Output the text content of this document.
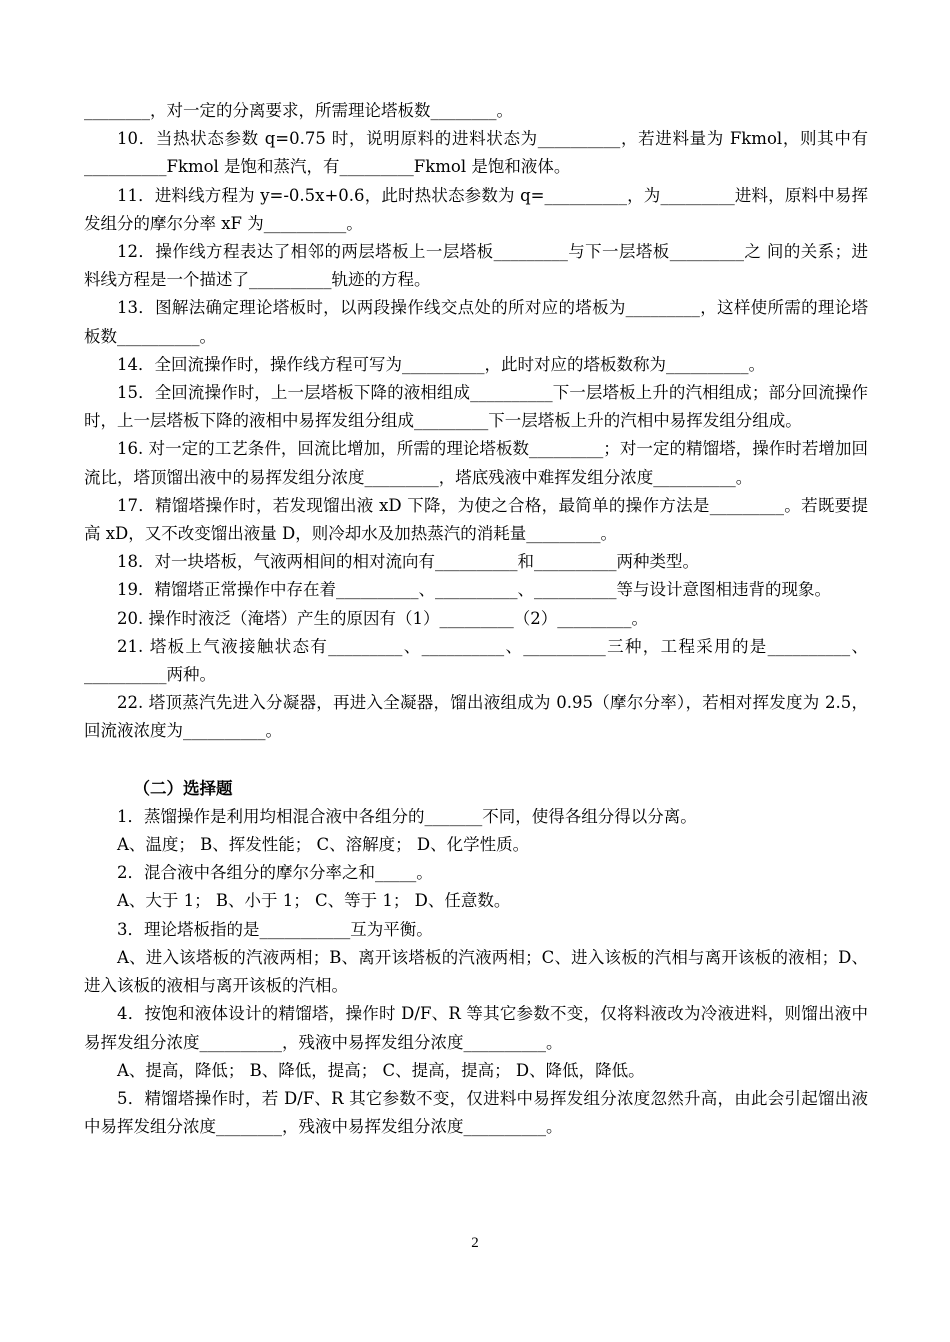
________，对一定的分离要求，所需理论塔板数________。

10．当热状态参数 q=0.75 时，说明原料的进料状态为__________，若进料量为 Fkmol，则其中有__________Fkmol 是饱和蒸汽，有_________Fkmol 是饱和液体。

11．进料线方程为 y=-0.5x+0.6，此时热状态参数为 q=__________，为_________进料，原料中易挥发组分的摩尔分率 xF 为__________。

12．操作线方程表达了相邻的两层塔板上一层塔板_________与下一层塔板_________之 间的关系；进料线方程是一个描述了__________轨迹的方程。

13．图解法确定理论塔板时，以两段操作线交点处的所对应的塔板为_________，这样使所需的理论塔板数__________。

14．全回流操作时，操作线方程可写为__________，此时对应的塔板数称为__________。

15．全回流操作时，上一层塔板下降的液相组成__________下一层塔板上升的汽相组成；部分回流操作时，上一层塔板下降的液相中易挥发组分组成_________下一层塔板上升的汽相中易挥发组分组成。

16. 对一定的工艺条件，回流比增加，所需的理论塔板数_________；对一定的精馏塔，操作时若增加回流比，塔顶馏出液中的易挥发组分浓度_________，塔底残液中难挥发组分浓度__________。

17．精馏塔操作时，若发现馏出液 xD 下降，为使之合格，最简单的操作方法是_________。若既要提高 xD，又不改变馏出液量 D，则冷却水及加热蒸汽的消耗量_________。

18．对一块塔板，气液两相间的相对流向有__________和__________两种类型。

19．精馏塔正常操作中存在着__________、__________、__________等与设计意图相违背的现象。

20. 操作时液泛（淹塔）产生的原因有（1）_________（2）_________。

21. 塔板上气液接触状态有_________、__________、__________三种，工程采用的是__________、__________两种。

22. 塔顶蒸汽先进入分凝器，再进入全凝器，馏出液组成为 0.95（摩尔分率），若相对挥发度为 2.5，回流液浓度为__________。

（二）选择题

1．蒸馏操作是利用均相混合液中各组分的_______不同，使得各组分得以分离。

A、温度； B、挥发性能； C、溶解度； D、化学性质。

2．混合液中各组分的摩尔分率之和_____。

A、大于 1； B、小于 1； C、等于 1； D、任意数。

3．理论塔板指的是___________互为平衡。

A、进入该塔板的汽液两相；B、离开该塔板的汽液两相；C、进入该板的汽相与离开该板的液相；D、进入该板的液相与离开该板的汽相。

4．按饱和液体设计的精馏塔，操作时 D/F、R 等其它参数不变，仅将料液改为冷液进料，则馏出液中易挥发组分浓度__________，残液中易挥发组分浓度__________。

A、提高，降低； B、降低，提高； C、提高，提高； D、降低，降低。

5．精馏塔操作时，若 D/F、R 其它参数不变，仅进料中易挥发组分浓度忽然升高，由此会引起馏出液中易挥发组分浓度________，残液中易挥发组分浓度__________。

2
